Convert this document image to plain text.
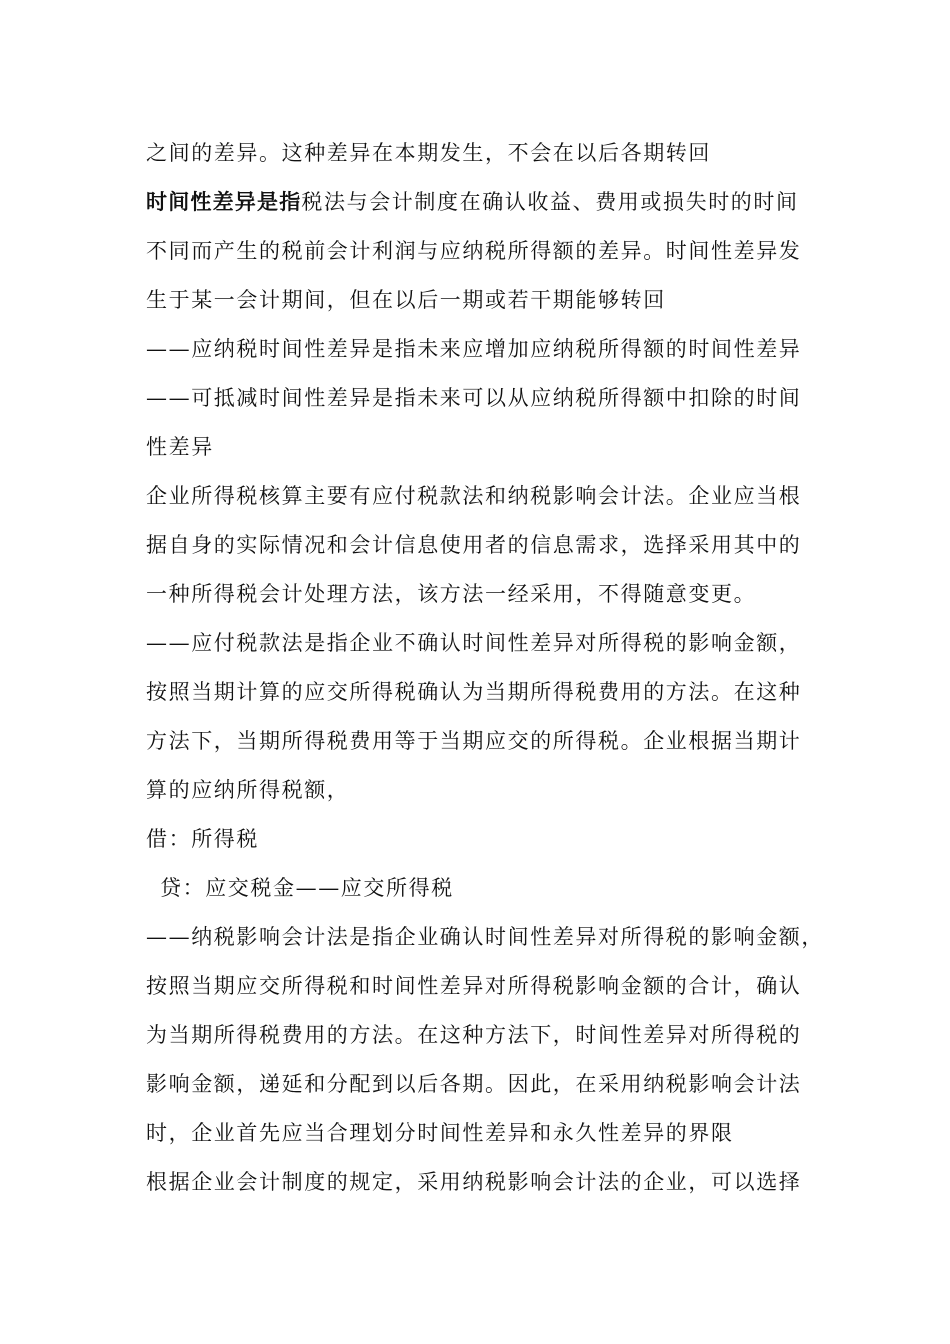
之间的差异。这种差异在本期发生，不会在以后各期转回
时间性差异是指税法与会计制度在确认收益、费用或损失时的时间
不同而产生的税前会计利润与应纳税所得额的差异。时间性差异发
生于某一会计期间，但在以后一期或若干期能够转回
——应纳税时间性差异是指未来应增加应纳税所得额的时间性差异
——可抵减时间性差异是指未来可以从应纳税所得额中扣除的时间
性差异
企业所得税核算主要有应付税款法和纳税影响会计法。企业应当根
据自身的实际情况和会计信息使用者的信息需求，选择采用其中的
一种所得税会计处理方法，该方法一经采用，不得随意变更。
——应付税款法是指企业不确认时间性差异对所得税的影响金额，
按照当期计算的应交所得税确认为当期所得税费用的方法。在这种
方法下，当期所得税费用等于当期应交的所得税。企业根据当期计
算的应纳所得税额，
借：所得税
贷：应交税金——应交所得税
——纳税影响会计法是指企业确认时间性差异对所得税的影响金额，
按照当期应交所得税和时间性差异对所得税影响金额的合计，确认
为当期所得税费用的方法。在这种方法下，时间性差异对所得税的
影响金额，递延和分配到以后各期。因此，在采用纳税影响会计法
时，企业首先应当合理划分时间性差异和永久性差异的界限
根据企业会计制度的规定，采用纳税影响会计法的企业，可以选择
